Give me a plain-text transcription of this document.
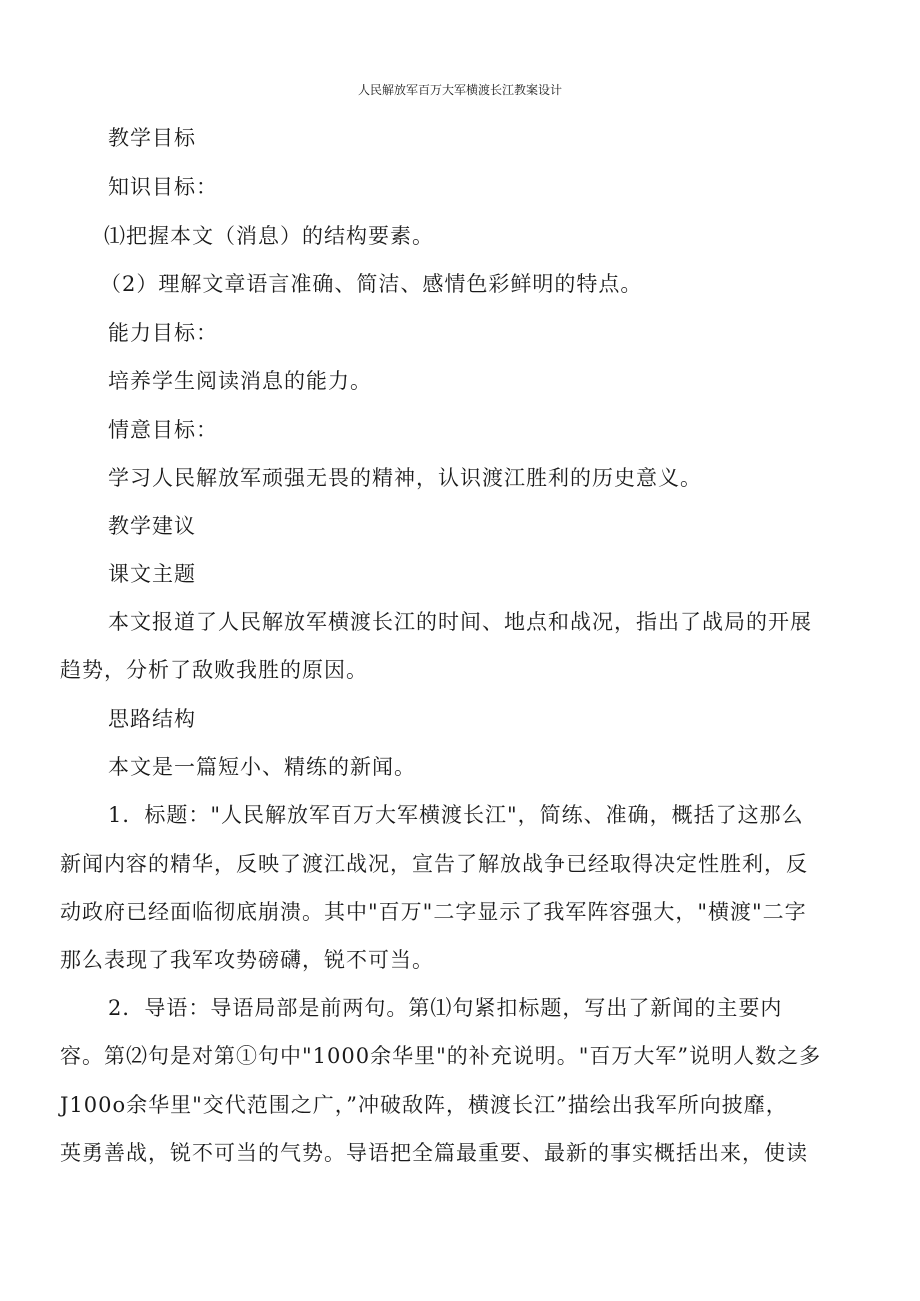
人民解放军百万大军横渡长江教案设计
教学目标
知识目标：
⑴把握本文（消息）的结构要素。
（2）理解文章语言准确、简洁、感情色彩鲜明的特点。
能力目标：
培养学生阅读消息的能力。
情意目标：
学习人民解放军顽强无畏的精神，认识渡江胜利的历史意义。
教学建议
课文主题
本文报道了人民解放军横渡长江的时间、地点和战况，指出了战局的开展
趋势，分析了敌败我胜的原因。
思路结构
本文是一篇短小、精练的新闻。
1．标题："人民解放军百万大军横渡长江"，简练、准确，概括了这那么
新闻内容的精华，反映了渡江战况，宣告了解放战争已经取得决定性胜利，反
动政府已经面临彻底崩溃。其中"百万"二字显示了我军阵容强大，"横渡"二字
那么表现了我军攻势磅礴，锐不可当。
2．导语：导语局部是前两句。第⑴句紧扣标题，写出了新闻的主要内
容。第⑵句是对第①句中"1000余华里"的补充说明。"百万大军”说明人数之多
J100o余华里"交代范围之广，”冲破敌阵，横渡长江”描绘出我军所向披靡，
英勇善战，锐不可当的气势。导语把全篇最重要、最新的事实概括出来，使读
